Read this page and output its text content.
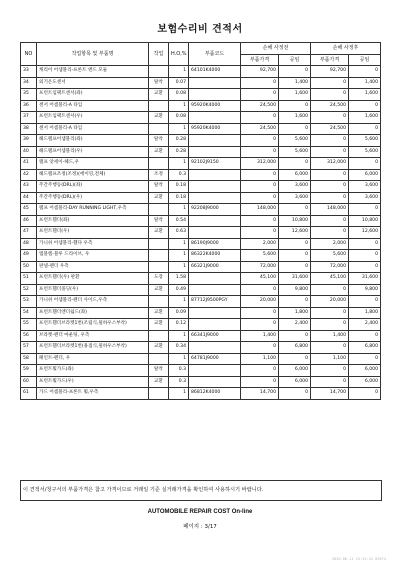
보험수리비 견적서
NO	작업항목 및 부품명	작업	H.O,%	부품코드	손해 사정전		손해 사정후	
					부품가격	공임	부품가격	공임
33	캐리어 어셈블리-프론트 엔드 모듈		1	64101K4000	92,700	0	92,700	0
34	외기온도센서	탈착	0.07		0	1,400	0	1,400
35	프런트임팩트센서(좌)	교환	0.08		0	1,600	0	1,600
36	센서 어셈블리-A 타입		1	95920K4000	24,500	0	24,500	0
37	프런트임팩트센서(우)	교환	0.08		0	1,600	0	1,600
38	센서 어셈블리-A 타입		1	95920K4000	24,500	0	24,500	0
39	헤드램프어셈블리(좌)	탈착	0.28		0	5,600	0	5,600
40	헤드램프어셈블리(우)	교환	0.28		0	5,600	0	5,600
41	램프 앗세이-헤드,우		1	92102J9150	312,000	0	312,000	0
42	헤드램프조정(조정)(에이밍,전체)	조정	0.3		0	6,000	0	6,000
43	주간주행등(DRL)(좌)	탈착	0.18		0	3,600	0	3,600
44	주간주행등(DRL)(우)	교환	0.18		0	3,600	0	3,600
45	램프 어셈블리-DAY RUNNING LIGHT,우측		1	92208J9000	148,000	0	148,000	0
46	프런트휀더(좌)	탈착	0.54		0	10,800	0	10,800
47	프런트휀더(우)	교환	0.63		0	12,600	0	12,600
48	가니쉬 어셈블리-휀다 우측		1	86190J9000	2,000	0	2,000	0
49	엠블렘-블루 드라이브, 우		1	86322K4000	5,600	0	5,600	0
50	판넬-펜더 우측		1	66321J9000	72,000	0	72,000	0
51	프런트휀더(우) 판환	도장	1.58		45,100	31,600	45,100	31,600
52	프런트휀더몰딩(우)	교환	0.49		0	9,800	0	9,800
53	가니쉬 어셈블리-펜더 사이드,우측		1	87712J9500PGY	20,000	0	20,000	0
54	프런트휀더엔더쉴드(좌)	교환	0.09		0	1,800	0	1,800
55	프런트휀더브라켓1번(조립식,될하우스부착)	교환	0.12		0	2,400	0	2,400
56	브라켓-펜더 마운팅, 우측		1	66341J9000	1,400	0	1,400	0
57	프런트휀더브라켓1번(용접식,될하우스부착)	교환	0.34		0	6,800	0	6,800
58	패인트-펜더, 우		1	64781J9000	1,100	0	1,100	0
59	프런트휠가드(좌)	탈착	0.3		0	6,000	0	6,000
60	프런트휠가드(우)	교환	0.3		0	6,000	0	6,000
61	가드 어셈블리-프론트 휠,우측		1	86812K4000	14,700	0	14,700	0
이 견적서/청구서의 부품가격은 참고 가격이므로 거래일 기준 실거래가격을 확인하여 사용하시기 바랍니다.
AUTOMOBILE REPAIR COST On-line
페이지 : 3/17
2020-06-11 15:31:41 03574
